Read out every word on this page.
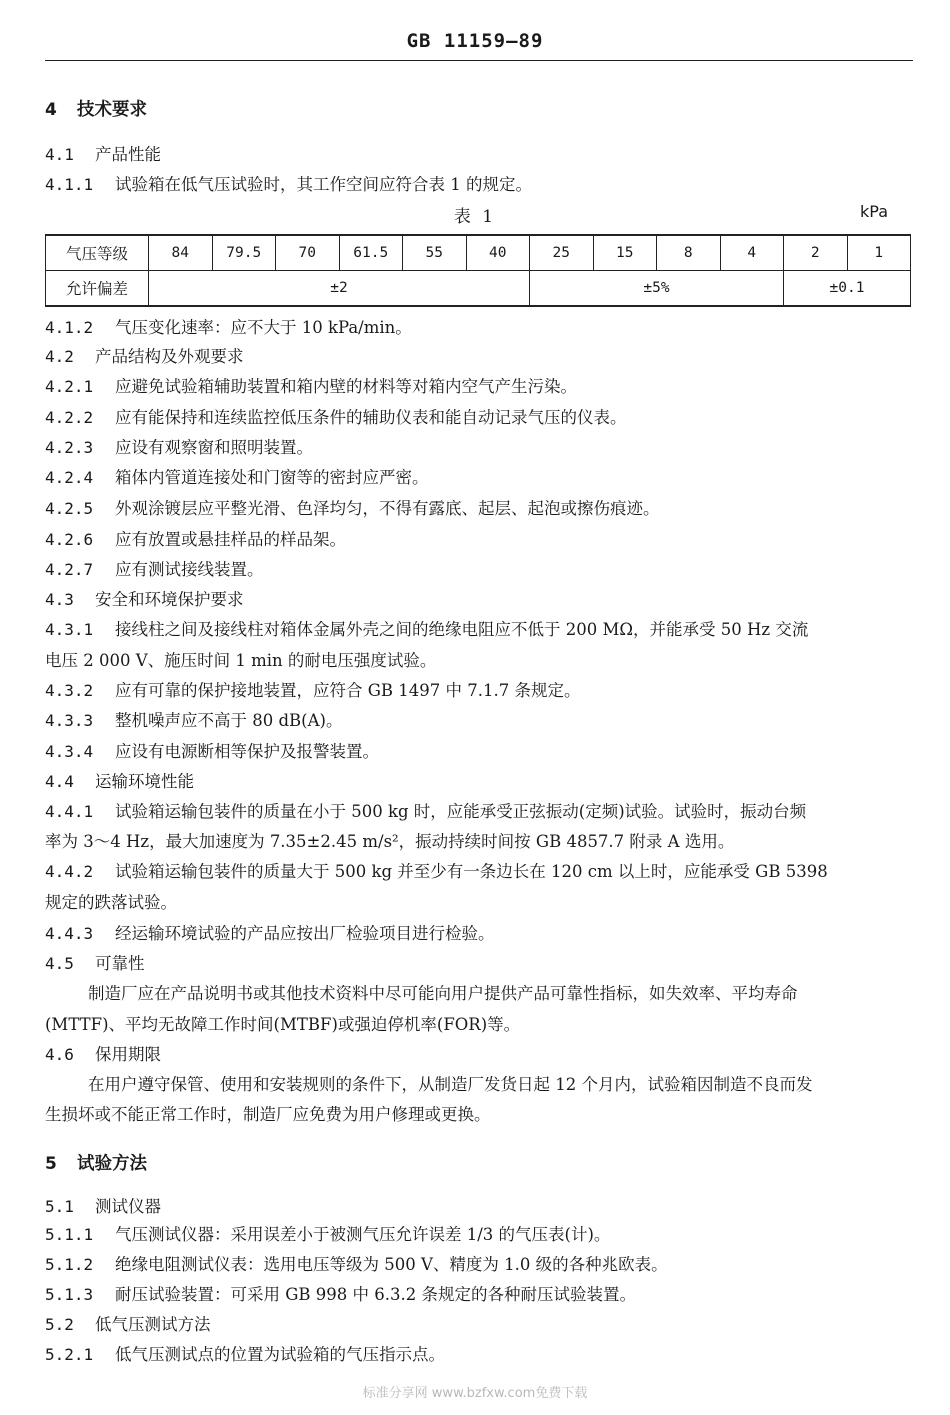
GB 11159—89
4 技术要求
4.1 产品性能
4.1.1 试验箱在低气压试验时，其工作空间应符合表 1 的规定。
表 1	kPa
气压等级	84	79.5	70	61.5	55	40	25	15	8	4	2	1
允许偏差	±2						±5%				±0.1	
4.1.2 气压变化速率：应不大于 10 kPa/min。
4.2 产品结构及外观要求
4.2.1 应避免试验箱辅助装置和箱内壁的材料等对箱内空气产生污染。
4.2.2 应有能保持和连续监控低压条件的辅助仪表和能自动记录气压的仪表。
4.2.3 应设有观察窗和照明装置。
4.2.4 箱体内管道连接处和门窗等的密封应严密。
4.2.5 外观涂镀层应平整光滑、色泽均匀，不得有露底、起层、起泡或擦伤痕迹。
4.2.6 应有放置或悬挂样品的样品架。
4.2.7 应有测试接线装置。
4.3 安全和环境保护要求
4.3.1 接线柱之间及接线柱对箱体金属外壳之间的绝缘电阻应不低于 200 MΩ，并能承受 50 Hz 交流
电压 2 000 V、施压时间 1 min 的耐电压强度试验。
4.3.2 应有可靠的保护接地装置，应符合 GB 1497 中 7.1.7 条规定。
4.3.3 整机噪声应不高于 80 dB(A)。
4.3.4 应设有电源断相等保护及报警装置。
4.4 运输环境性能
4.4.1 试验箱运输包装件的质量在小于 500 kg 时，应能承受正弦振动(定频)试验。试验时，振动台频
率为 3～4 Hz，最大加速度为 7.35±2.45 m/s²，振动持续时间按 GB 4857.7 附录 A 选用。
4.4.2 试验箱运输包装件的质量大于 500 kg 并至少有一条边长在 120 cm 以上时，应能承受 GB 5398
规定的跌落试验。
4.4.3 经运输环境试验的产品应按出厂检验项目进行检验。
4.5 可靠性
制造厂应在产品说明书或其他技术资料中尽可能向用户提供产品可靠性指标，如失效率、平均寿命
(MTTF)、平均无故障工作时间(MTBF)或强迫停机率(FOR)等。
4.6 保用期限
在用户遵守保管、使用和安装规则的条件下，从制造厂发货日起 12 个月内，试验箱因制造不良而发
生损坏或不能正常工作时，制造厂应免费为用户修理或更换。
5 试验方法
5.1 测试仪器
5.1.1 气压测试仪器：采用误差小于被测气压允许误差 1/3 的气压表(计)。
5.1.2 绝缘电阻测试仪表：选用电压等级为 500 V、精度为 1.0 级的各种兆欧表。
5.1.3 耐压试验装置：可采用 GB 998 中 6.3.2 条规定的各种耐压试验装置。
5.2 低气压测试方法
5.2.1 低气压测试点的位置为试验箱的气压指示点。
标准分享网 www.bzfxw.com免费下载
